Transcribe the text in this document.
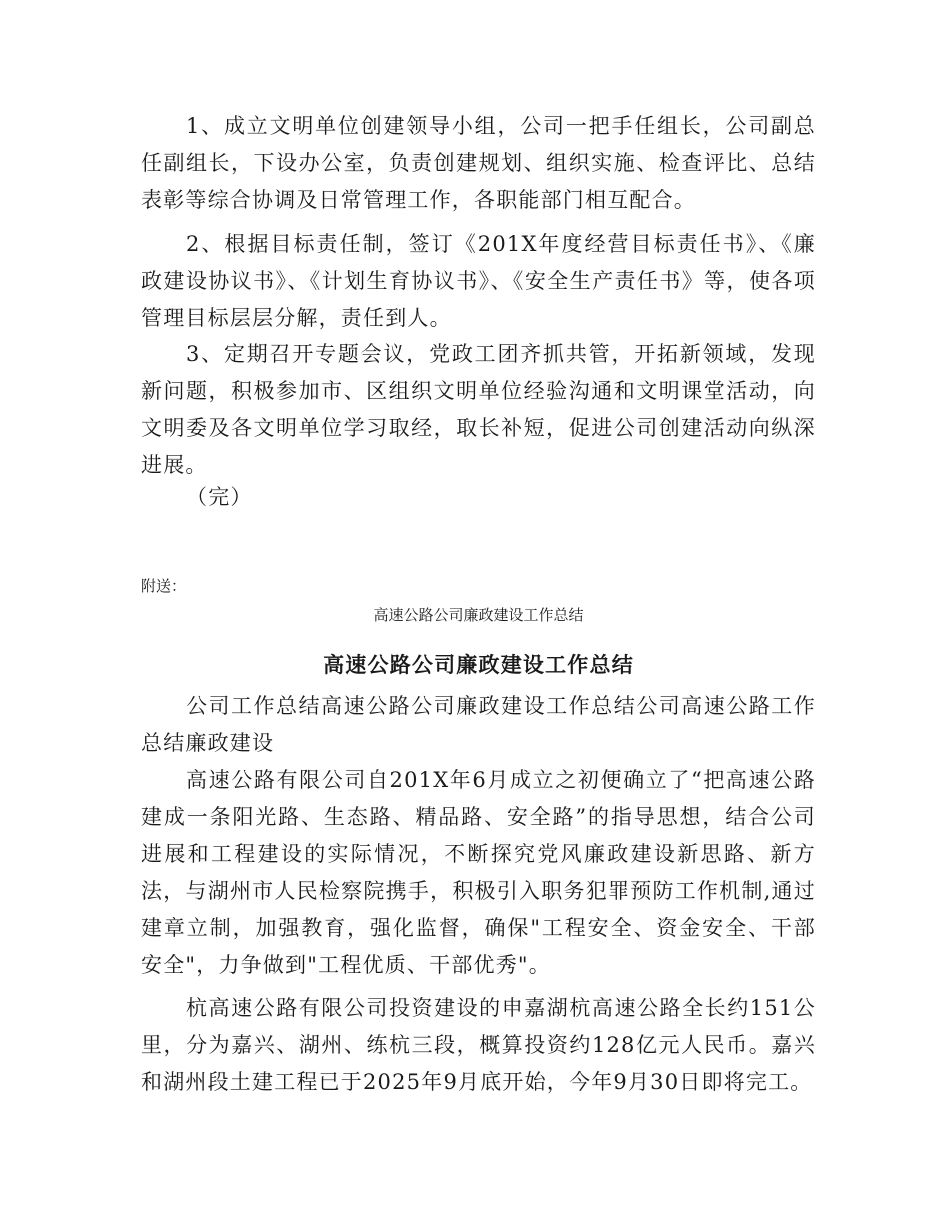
1、成立文明单位创建领导小组，公司一把手任组长，公司副总任副组长，下设办公室，负责创建规划、组织实施、检查评比、总结表彰等综合协调及日常管理工作，各职能部门相互配合。

2、根据目标责任制，签订《201X年度经营目标责任书》、《廉政建设协议书》、《计划生育协议书》、《安全生产责任书》等，使各项管理目标层层分解，责任到人。

3、定期召开专题会议，党政工团齐抓共管，开拓新领域，发现新问题，积极参加市、区组织文明单位经验沟通和文明课堂活动，向文明委及各文明单位学习取经，取长补短，促进公司创建活动向纵深进展。

（完）

附送：

高速公路公司廉政建设工作总结

高速公路公司廉政建设工作总结

公司工作总结高速公路公司廉政建设工作总结公司高速公路工作总结廉政建设

高速公路有限公司自201X年6月成立之初便确立了“把高速公路建成一条阳光路、生态路、精品路、安全路”的指导思想，结合公司进展和工程建设的实际情况，不断探究党风廉政建设新思路、新方法，与湖州市人民检察院携手，积极引入职务犯罪预防工作机制,通过建章立制，加强教育，强化监督，确保"工程安全、资金安全、干部安全"，力争做到"工程优质、干部优秀"。

杭高速公路有限公司投资建设的申嘉湖杭高速公路全长约151公里，分为嘉兴、湖州、练杭三段，概算投资约128亿元人民币。嘉兴和湖州段土建工程已于2025年9月底开始，今年9月30日即将完工。
